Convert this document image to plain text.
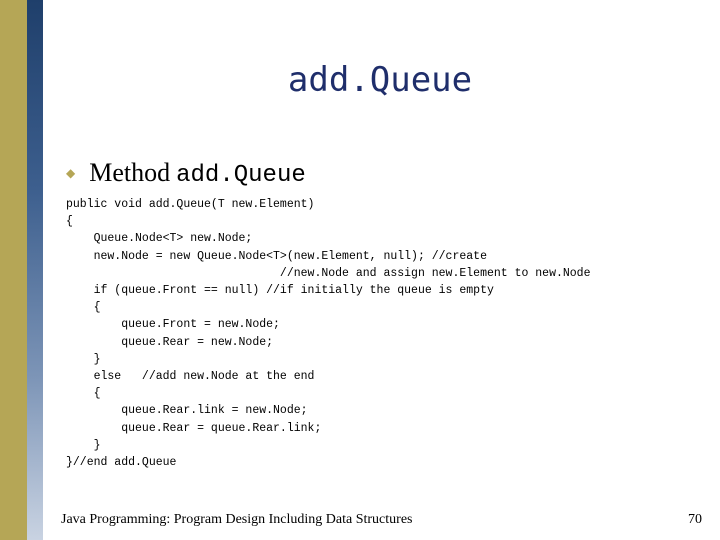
add.Queue
◆ Method add.Queue
public void add.Queue(T new.Element)
{
Queue.Node<T> new.Node;
new.Node = new Queue.Node<T>(new.Element, null); //create
//new.Node and assign new.Element to new.Node
if (queue.Front == null) //if initially the queue is empty
{
queue.Front = new.Node;
queue.Rear = new.Node;
}
else   //add new.Node at the end
{
queue.Rear.link = new.Node;
queue.Rear = queue.Rear.link;
}
}//end add.Queue
Java Programming: Program Design Including Data Structures	70
